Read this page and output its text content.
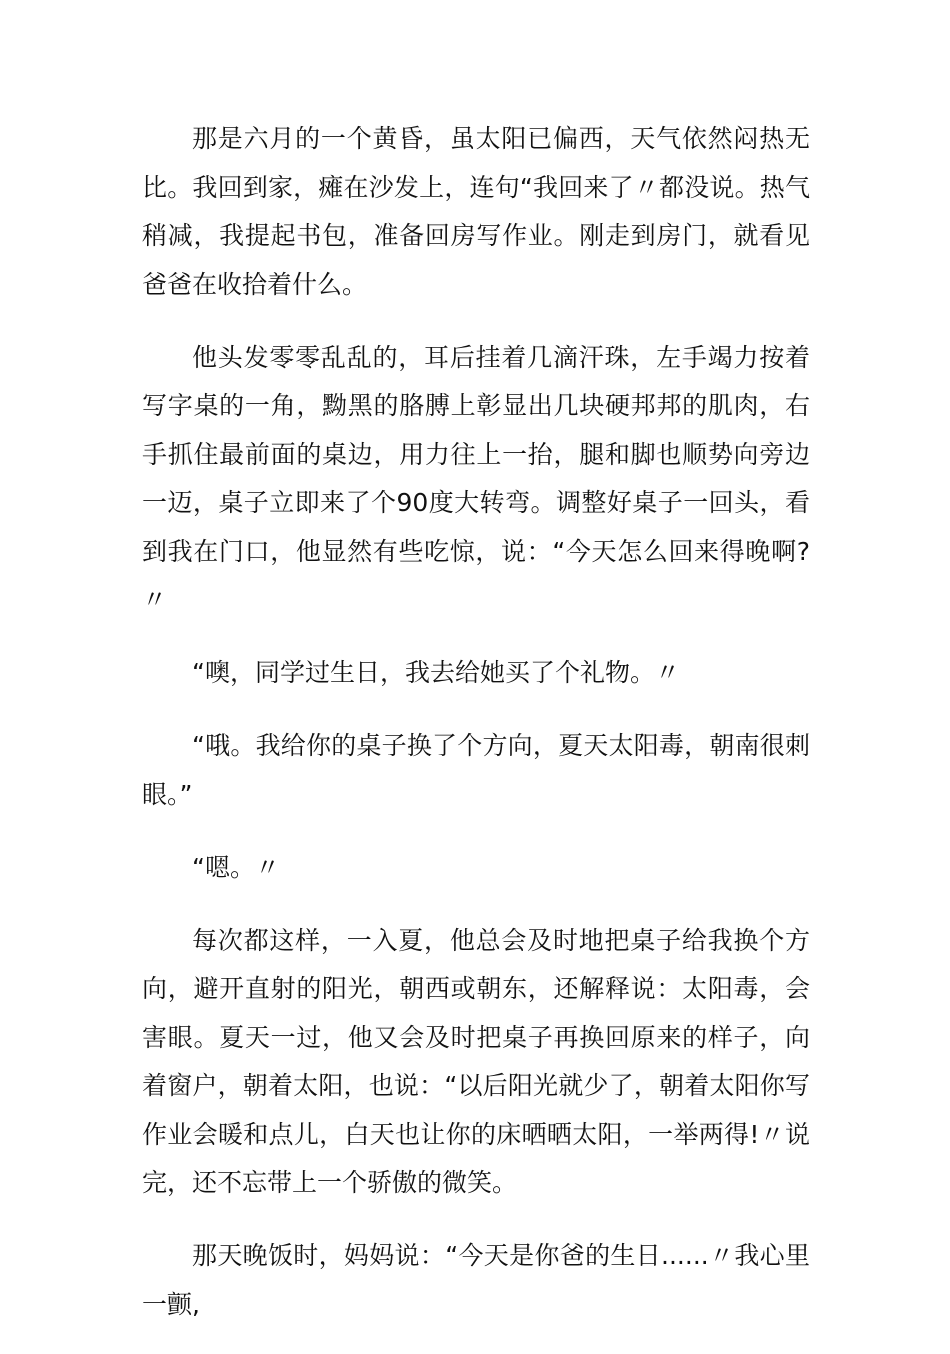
那是六月的一个黄昏，虽太阳已偏西，天气依然闷热无比。我回到家，瘫在沙发上，连句“我回来了〃都没说。热气稍减，我提起书包，准备回房写作业。刚走到房门，就看见爸爸在收拾着什么。

他头发零零乱乱的，耳后挂着几滴汗珠，左手竭力按着写字桌的一角，黝黑的胳膊上彰显出几块硬邦邦的肌肉，右手抓住最前面的桌边，用力往上一抬，腿和脚也顺势向旁边一迈，桌子立即来了个90度大转弯。调整好桌子一回头，看到我在门口，他显然有些吃惊，说：“今天怎么回来得晚啊?〃

“噢，同学过生日，我去给她买了个礼物。〃

“哦。我给你的桌子换了个方向，夏天太阳毒，朝南很刺眼。”

“嗯。〃

每次都这样，一入夏，他总会及时地把桌子给我换个方向，避开直射的阳光，朝西或朝东，还解释说：太阳毒，会害眼。夏天一过，他又会及时把桌子再换回原来的样子，向着窗户，朝着太阳，也说：“以后阳光就少了，朝着太阳你写作业会暖和点儿，白天也让你的床晒晒太阳，一举两得!〃说完，还不忘带上一个骄傲的微笑。

那天晚饭时，妈妈说：“今天是你爸的生日......〃我心里一颤,
